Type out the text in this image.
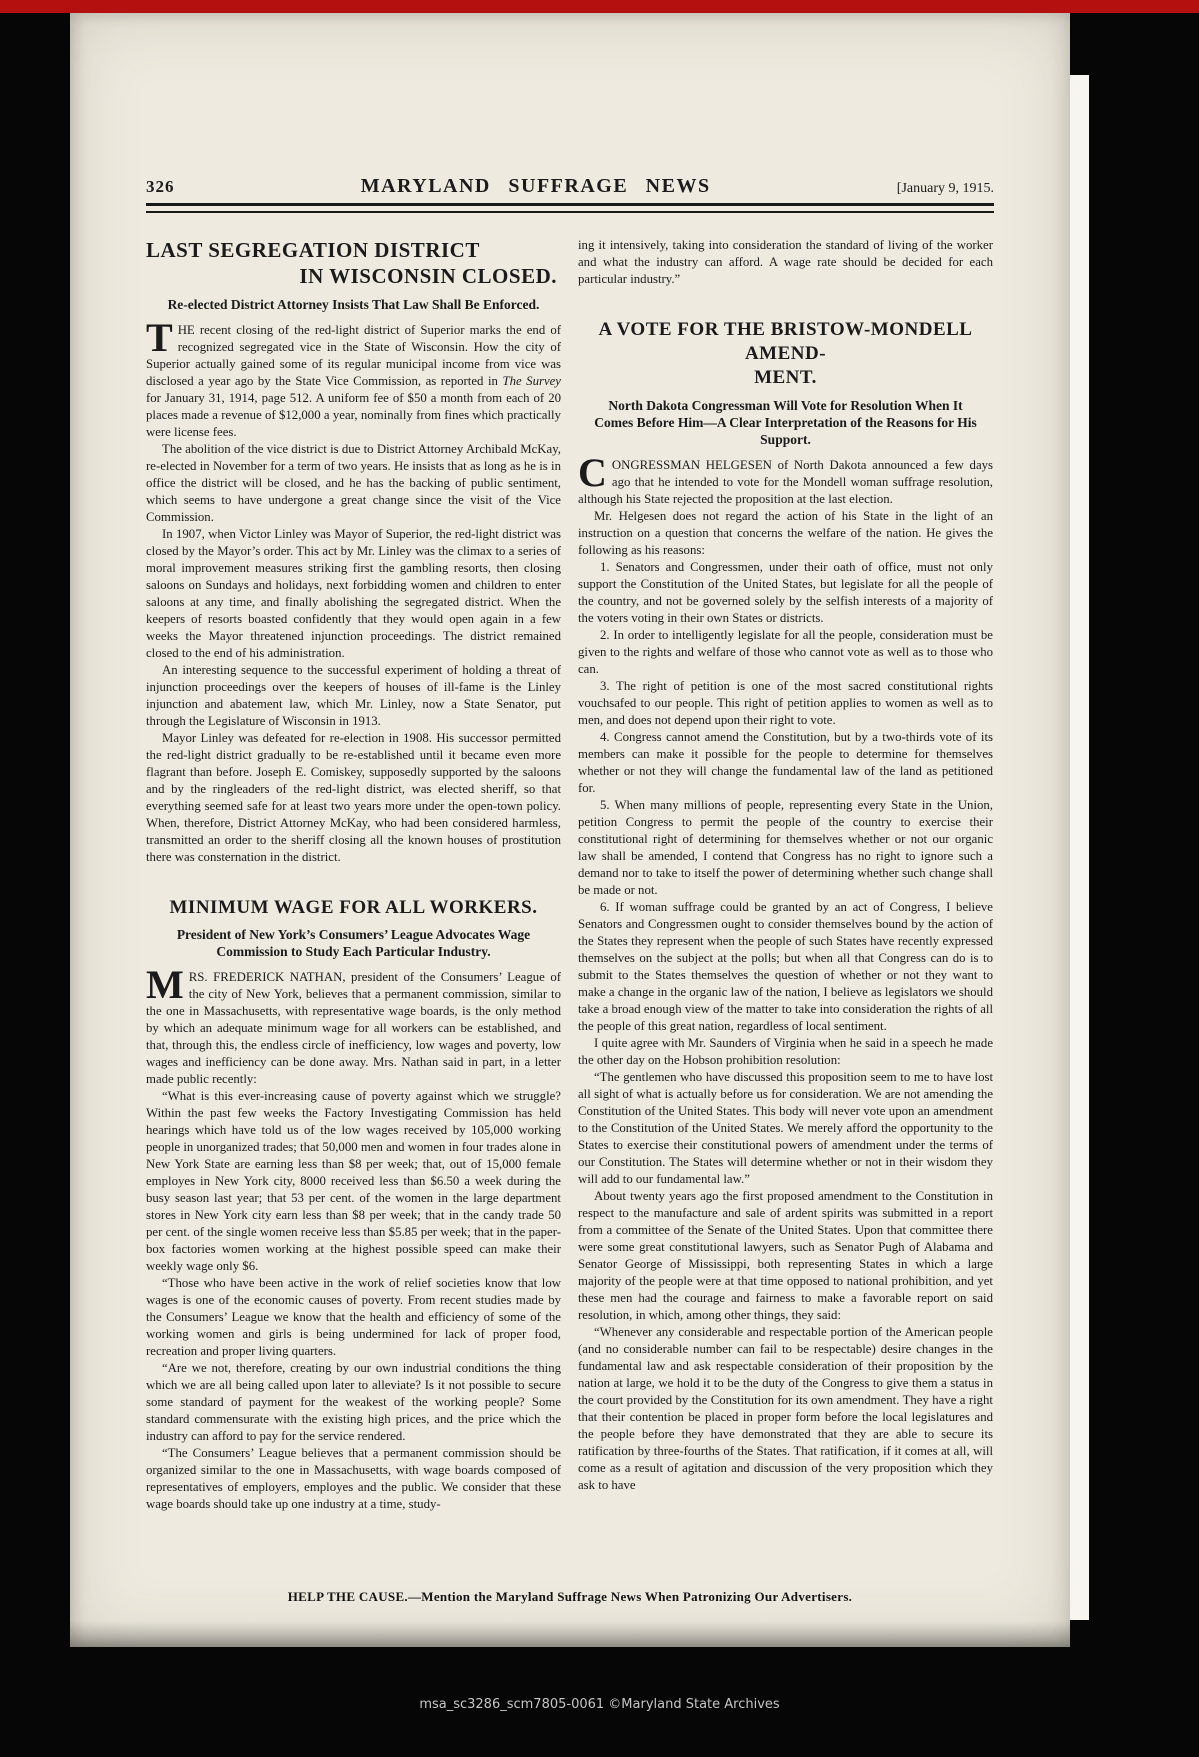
326	MARYLAND SUFFRAGE NEWS	[January 9, 1915.
LAST SEGREGATION DISTRICT
IN WISCONSIN CLOSED.
Re-elected District Attorney Insists That Law Shall Be Enforced.

THE recent closing of the red-light district of Superior marks the end of recognized segregated vice in the State of Wisconsin. How the city of Superior actually gained some of its regular municipal income from vice was disclosed a year ago by the State Vice Commission, as reported in The Survey for January 31, 1914, page 512. A uniform fee of $50 a month from each of 20 places made a revenue of $12,000 a year, nominally from fines which practically were license fees.

The abolition of the vice district is due to District Attorney Archibald McKay, re-elected in November for a term of two years. He insists that as long as he is in office the district will be closed, and he has the backing of public sentiment, which seems to have undergone a great change since the visit of the Vice Commission.

In 1907, when Victor Linley was Mayor of Superior, the red-light district was closed by the Mayor’s order. This act by Mr. Linley was the climax to a series of moral improvement measures striking first the gambling resorts, then closing saloons on Sundays and holidays, next forbidding women and children to enter saloons at any time, and finally abolishing the segregated district. When the keepers of resorts boasted confidently that they would open again in a few weeks the Mayor threatened injunction proceedings. The district remained closed to the end of his administration.

An interesting sequence to the successful experiment of holding a threat of injunction proceedings over the keepers of houses of ill-fame is the Linley injunction and abatement law, which Mr. Linley, now a State Senator, put through the Legislature of Wisconsin in 1913.

Mayor Linley was defeated for re-election in 1908. His successor permitted the red-light district gradually to be re-established until it became even more flagrant than before. Joseph E. Comiskey, supposedly supported by the saloons and by the ringleaders of the red-light district, was elected sheriff, so that everything seemed safe for at least two years more under the open-town policy. When, therefore, District Attorney McKay, who had been considered harmless, transmitted an order to the sheriff closing all the known houses of prostitution there was consternation in the district.

MINIMUM WAGE FOR ALL WORKERS.
President of New York’s Consumers’ League Advocates Wage Commission to Study Each Particular Industry.

MRS. FREDERICK NATHAN, president of the Consumers’ League of the city of New York, believes that a permanent commission, similar to the one in Massachusetts, with representative wage boards, is the only method by which an adequate minimum wage for all workers can be established, and that, through this, the endless circle of inefficiency, low wages and poverty, low wages and inefficiency can be done away. Mrs. Nathan said in part, in a letter made public recently:

“What is this ever-increasing cause of poverty against which we struggle? Within the past few weeks the Factory Investigating Commission has held hearings which have told us of the low wages received by 105,000 working people in unorganized trades; that 50,000 men and women in four trades alone in New York State are earning less than $8 per week; that, out of 15,000 female employes in New York city, 8000 received less than $6.50 a week during the busy season last year; that 53 per cent. of the women in the large department stores in New York city earn less than $8 per week; that in the candy trade 50 per cent. of the single women receive less than $5.85 per week; that in the paper-box factories women working at the highest possible speed can make their weekly wage only $6.

“Those who have been active in the work of relief societies know that low wages is one of the economic causes of poverty. From recent studies made by the Consumers’ League we know that the health and efficiency of some of the working women and girls is being undermined for lack of proper food, recreation and proper living quarters.

“Are we not, therefore, creating by our own industrial conditions the thing which we are all being called upon later to alleviate? Is it not possible to secure some standard of payment for the weakest of the working people? Some standard commensurate with the existing high prices, and the price which the industry can afford to pay for the service rendered.

“The Consumers’ League believes that a permanent commission should be organized similar to the one in Massachusetts, with wage boards composed of representatives of employers, employes and the public. We consider that these wage boards should take up one industry at a time, study-

ing it intensively, taking into consideration the standard of living of the worker and what the industry can afford. A wage rate should be decided for each particular industry.”

A VOTE FOR THE BRISTOW-MONDELL AMEND-
MENT.
North Dakota Congressman Will Vote for Resolution When It Comes Before Him—A Clear Interpretation of the Reasons for His Support.

CONGRESSMAN HELGESEN of North Dakota announced a few days ago that he intended to vote for the Mondell woman suffrage resolution, although his State rejected the proposition at the last election.

Mr. Helgesen does not regard the action of his State in the light of an instruction on a question that concerns the welfare of the nation. He gives the following as his reasons:

1. Senators and Congressmen, under their oath of office, must not only support the Constitution of the United States, but legislate for all the people of the country, and not be governed solely by the selfish interests of a majority of the voters voting in their own States or districts.

2. In order to intelligently legislate for all the people, consideration must be given to the rights and welfare of those who cannot vote as well as to those who can.

3. The right of petition is one of the most sacred constitutional rights vouchsafed to our people. This right of petition applies to women as well as to men, and does not depend upon their right to vote.

4. Congress cannot amend the Constitution, but by a two-thirds vote of its members can make it possible for the people to determine for themselves whether or not they will change the fundamental law of the land as petitioned for.

5. When many millions of people, representing every State in the Union, petition Congress to permit the people of the country to exercise their constitutional right of determining for themselves whether or not our organic law shall be amended, I contend that Congress has no right to ignore such a demand nor to take to itself the power of determining whether such change shall be made or not.

6. If woman suffrage could be granted by an act of Congress, I believe Senators and Congressmen ought to consider themselves bound by the action of the States they represent when the people of such States have recently expressed themselves on the subject at the polls; but when all that Congress can do is to submit to the States themselves the question of whether or not they want to make a change in the organic law of the nation, I believe as legislators we should take a broad enough view of the matter to take into consideration the rights of all the people of this great nation, regardless of local sentiment.

I quite agree with Mr. Saunders of Virginia when he said in a speech he made the other day on the Hobson prohibition resolution:

“The gentlemen who have discussed this proposition seem to me to have lost all sight of what is actually before us for consideration. We are not amending the Constitution of the United States. This body will never vote upon an amendment to the Constitution of the United States. We merely afford the opportunity to the States to exercise their constitutional powers of amendment under the terms of our Constitution. The States will determine whether or not in their wisdom they will add to our fundamental law.”

About twenty years ago the first proposed amendment to the Constitution in respect to the manufacture and sale of ardent spirits was submitted in a report from a committee of the Senate of the United States. Upon that committee there were some great constitutional lawyers, such as Senator Pugh of Alabama and Senator George of Mississippi, both representing States in which a large majority of the people were at that time opposed to national prohibition, and yet these men had the courage and fairness to make a favorable report on said resolution, in which, among other things, they said:

“Whenever any considerable and respectable portion of the American people (and no considerable number can fail to be respectable) desire changes in the fundamental law and ask respectable consideration of their proposition by the nation at large, we hold it to be the duty of the Congress to give them a status in the court provided by the Constitution for its own amendment. They have a right that their contention be placed in proper form before the local legislatures and the people before they have demonstrated that they are able to secure its ratification by three-fourths of the States. That ratification, if it comes at all, will come as a result of agitation and discussion of the very proposition which they ask to have

HELP THE CAUSE.—Mention the Maryland Suffrage News When Patronizing Our Advertisers.
msa_sc3286_scm7805-0061 ©Maryland State Archives
